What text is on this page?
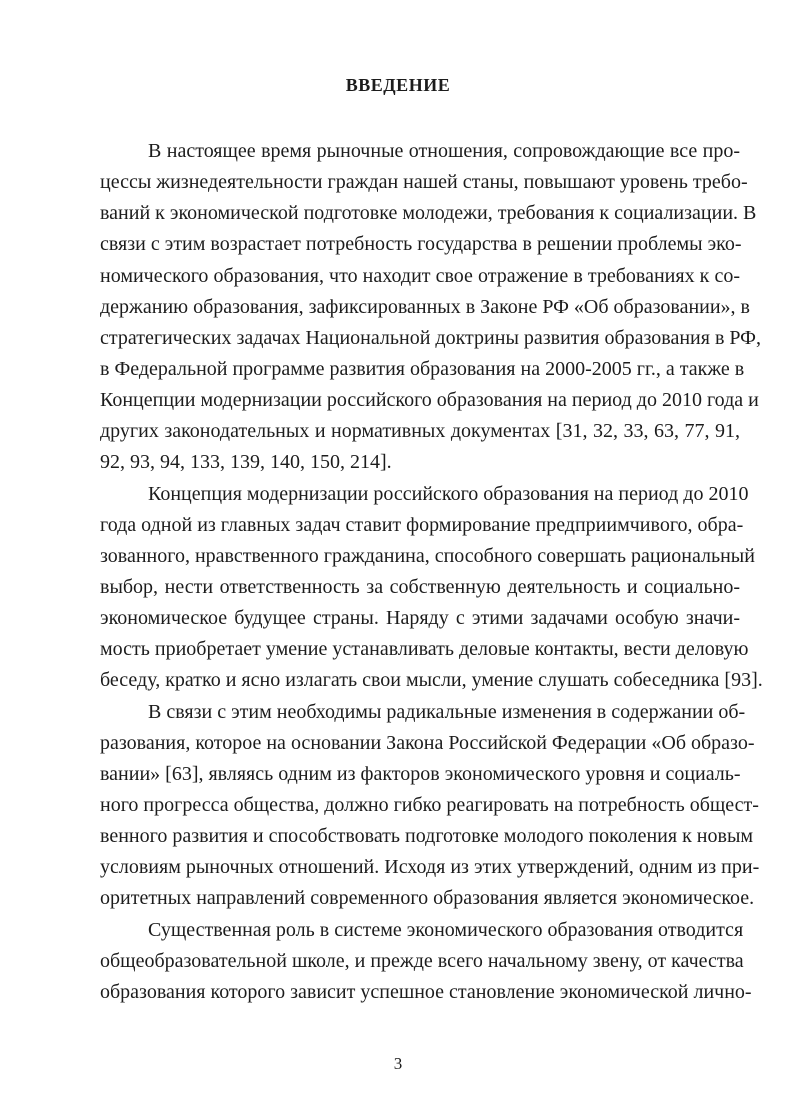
ВВЕДЕНИЕ
В настоящее время рыночные отношения, сопровождающие все про-
цессы жизнедеятельности граждан нашей станы, повышают уровень требо-
ваний к экономической подготовке молодежи, требования к социализации. В
связи с этим возрастает потребность государства в решении проблемы эко-
номического образования, что находит свое отражение в требованиях к со-
держанию образования, зафиксированных в Законе РФ «Об образовании», в
стратегических задачах Национальной доктрины развития образования в РФ,
в Федеральной программе развития образования на 2000-2005 гг., а также в
Концепции модернизации российского образования на период до 2010 года и
других законодательных и нормативных документах [31, 32, 33, 63, 77, 91,
92, 93, 94, 133, 139, 140, 150, 214].
Концепция модернизации российского образования на период до 2010
года одной из главных задач ставит формирование предприимчивого, обра-
зованного, нравственного гражданина, способного совершать рациональный
выбор, нести ответственность за собственную деятельность и социально-
экономическое будущее страны. Наряду с этими задачами особую значи-
мость приобретает умение устанавливать деловые контакты, вести деловую
беседу, кратко и ясно излагать свои мысли, умение слушать собеседника [93].
В связи с этим необходимы радикальные изменения в содержании об-
разования, которое на основании Закона Российской Федерации «Об образо-
вании» [63], являясь одним из факторов экономического уровня и социаль-
ного прогресса общества, должно гибко реагировать на потребность общест-
венного развития и способствовать подготовке молодого поколения к новым
условиям рыночных отношений. Исходя из этих утверждений, одним из при-
оритетных направлений современного образования является экономическое.
Существенная роль в системе экономического образования отводится
общеобразовательной школе, и прежде всего начальному звену, от качества
образования которого зависит успешное становление экономической лично-
3
